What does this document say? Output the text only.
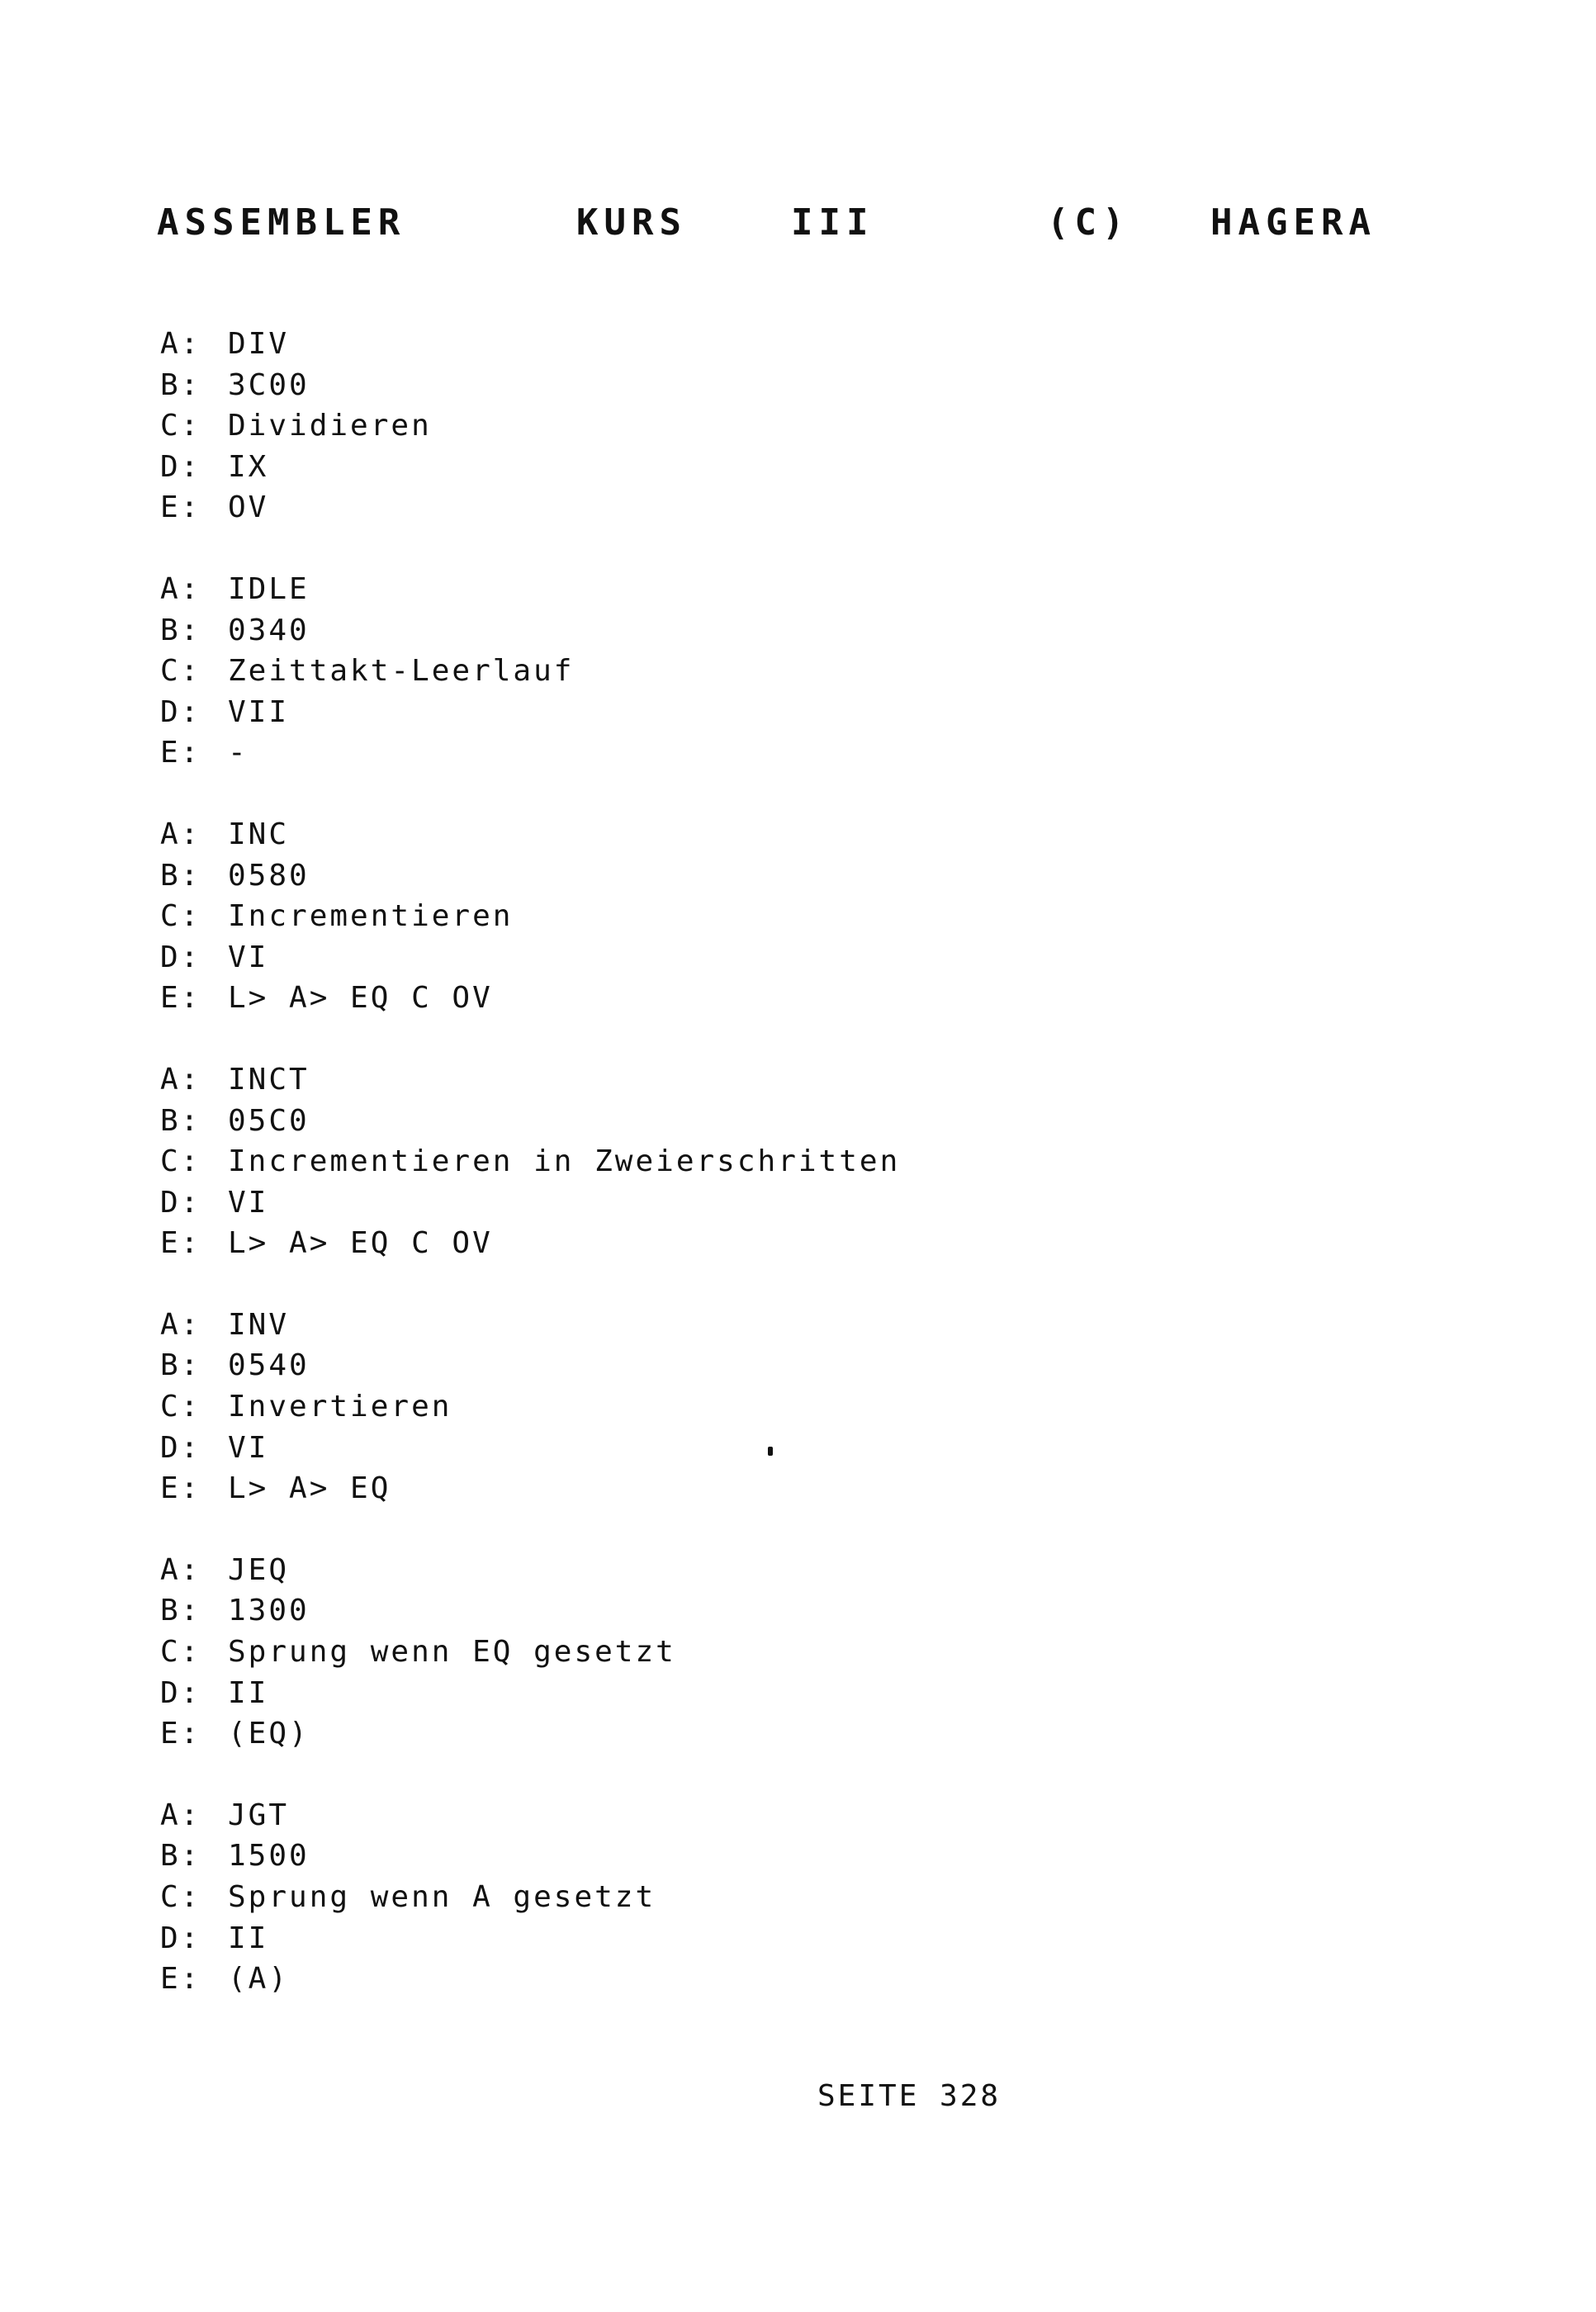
ASSEMBLER	KURS	III	(C) HAGERA
A: DIV
B: 3C00
C: Dividieren
D: IX
E: OV
A: IDLE
B: 0340
C: Zeittakt-Leerlauf
D: VII
E: -
A: INC
B: 0580
C: Incrementieren
D: VI
E: L> A> EQ C OV
A: INCT
B: 05C0
C: Incrementieren in Zweierschritten
D: VI
E: L> A> EQ C OV
A: INV
B: 0540
C: Invertieren
D: VI
E: L> A> EQ
A: JEQ
B: 1300
C: Sprung wenn EQ gesetzt
D: II
E: (EQ)
A: JGT
B: 1500
C: Sprung wenn A gesetzt
D: II
E: (A)
SEITE 328
